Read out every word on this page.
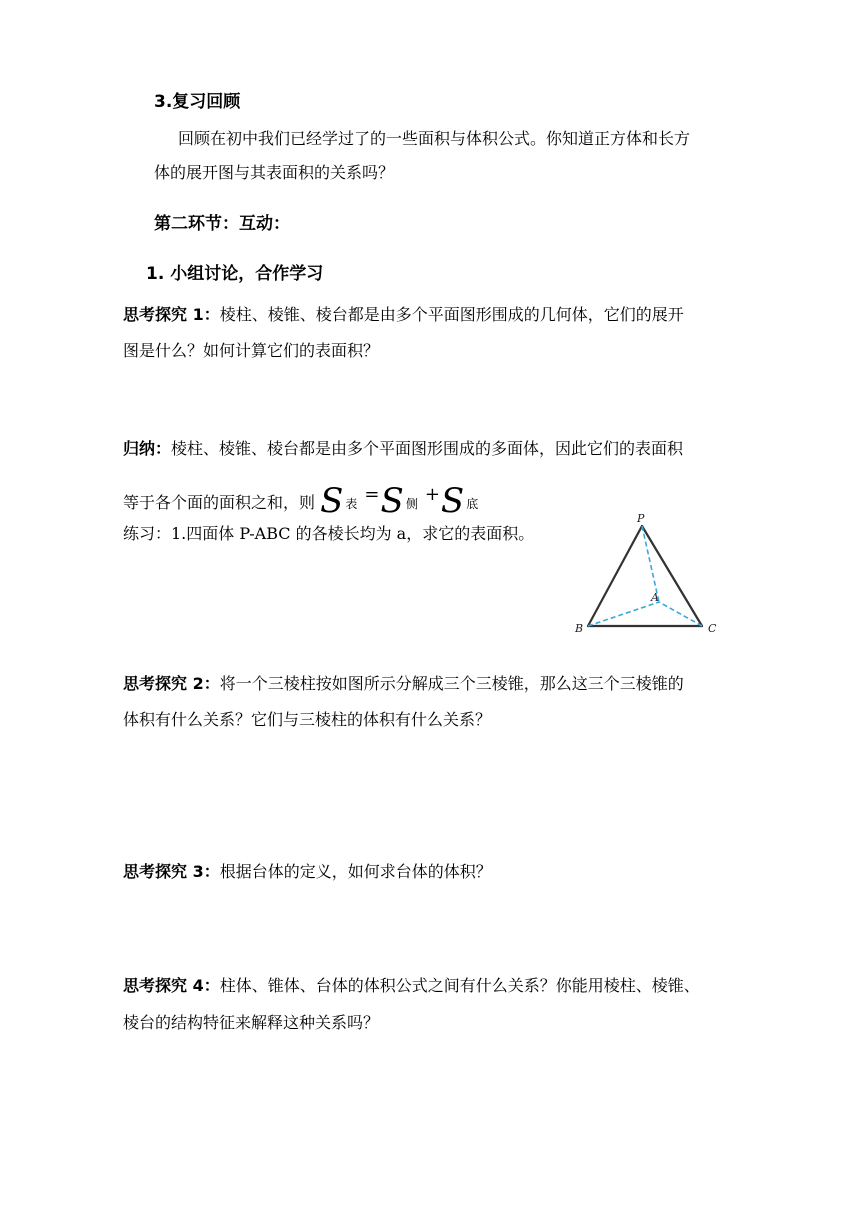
3.复习回顾
回顾在初中我们已经学过了的一些面积与体积公式。你知道正方体和长方
体的展开图与其表面积的关系吗？
第二环节：互动：
1. 小组讨论，合作学习
思考探究 1：棱柱、棱锥、棱台都是由多个平面图形围成的几何体，它们的展开
图是什么？如何计算它们的表面积？
归纳：棱柱、棱锥、棱台都是由多个平面图形围成的多面体，因此它们的表面积
等于各个面的面积之和，则 S 表 =S 侧 +S 底
练习：1.四面体 P-ABC 的各棱长均为 a，求它的表面积。
P
A
B	C
思考探究 2：将一个三棱柱按如图所示分解成三个三棱锥，那么这三个三棱锥的
体积有什么关系？它们与三棱柱的体积有什么关系？
思考探究 3：根据台体的定义，如何求台体的体积？
思考探究 4：柱体、锥体、台体的体积公式之间有什么关系？你能用棱柱、棱锥、
棱台的结构特征来解释这种关系吗？
